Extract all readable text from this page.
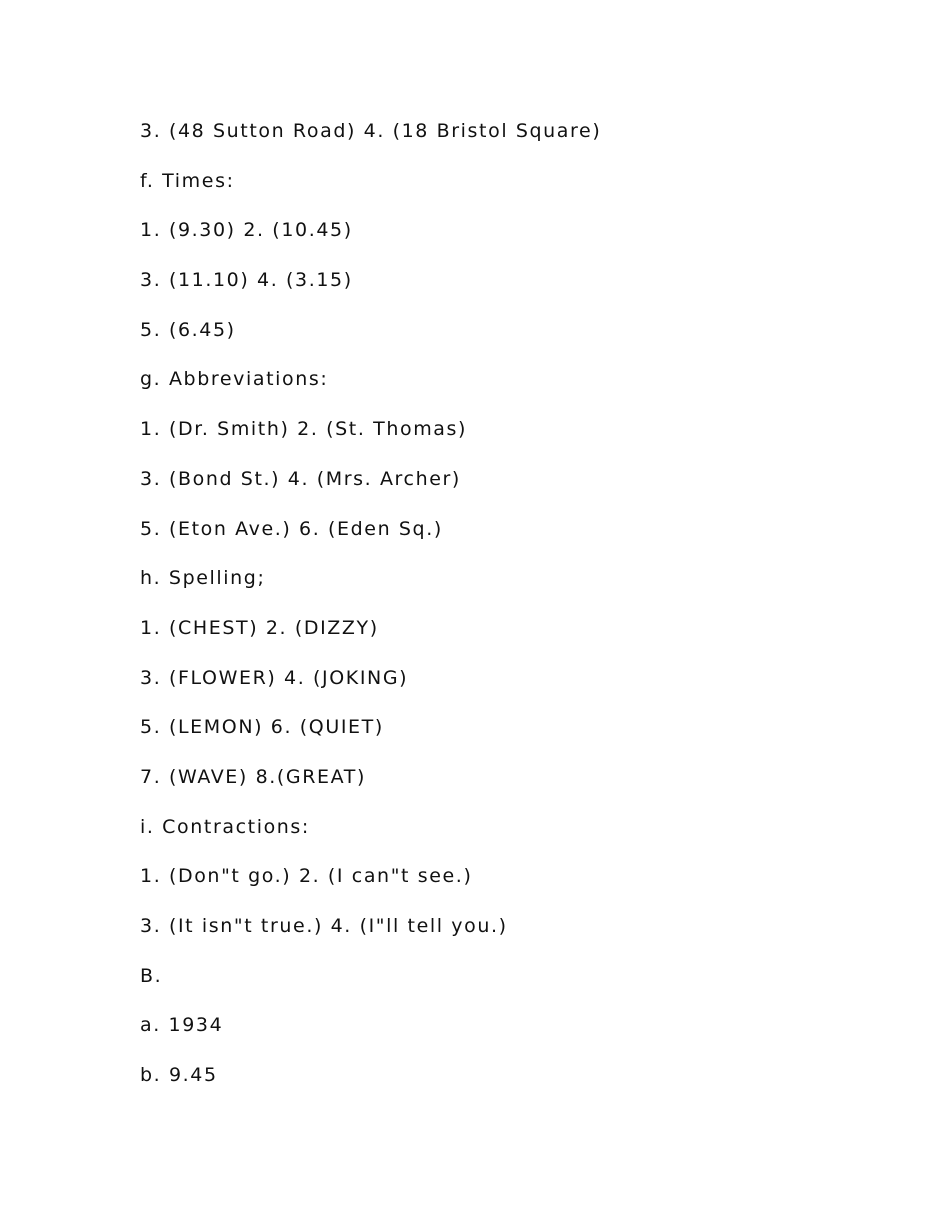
3. (48 Sutton Road) 4. (18 Bristol Square)
f. Times:
1. (9.30) 2. (10.45)
3. (11.10) 4. (3.15)
5. (6.45)
g. Abbreviations:
1. (Dr. Smith) 2. (St. Thomas)
3. (Bond St.) 4. (Mrs. Archer)
5. (Eton Ave.) 6. (Eden Sq.)
h. Spelling;
1. (CHEST) 2. (DIZZY)
3. (FLOWER) 4. (JOKING)
5. (LEMON) 6. (QUIET)
7. (WAVE) 8.(GREAT)
i. Contractions:
1. (Don"t go.) 2. (I can"t see.)
3. (It isn"t true.) 4. (I"ll tell you.)
B.
a. 1934
b. 9.45
